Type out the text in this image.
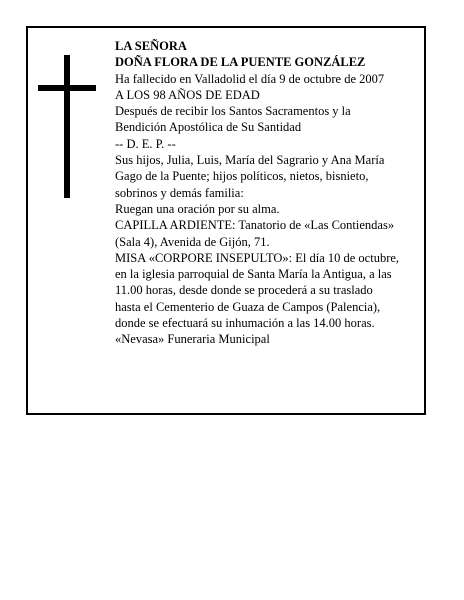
LA SEÑORA
DOÑA FLORA DE LA PUENTE GONZÁLEZ
Ha fallecido en Valladolid el día 9 de octubre de 2007
A LOS 98 AÑOS DE EDAD
Después de recibir los Santos Sacramentos y la
Bendición Apostólica de Su Santidad
-- D. E. P. --
Sus hijos, Julia, Luis, María del Sagrario y Ana María
Gago de la Puente; hijos políticos, nietos, bisnieto,
sobrinos y demás familia:
Ruegan una oración por su alma.
CAPILLA ARDIENTE: Tanatorio de «Las Contiendas»
(Sala 4), Avenida de Gijón, 71.
MISA «CORPORE INSEPULTO»: El día 10 de octubre,
en la iglesia parroquial de Santa María la Antigua, a las
11.00 horas, desde donde se procederá a su traslado
hasta el Cementerio de Guaza de Campos (Palencia),
donde se efectuará su inhumación a las 14.00 horas.
«Nevasa» Funeraria Municipal
